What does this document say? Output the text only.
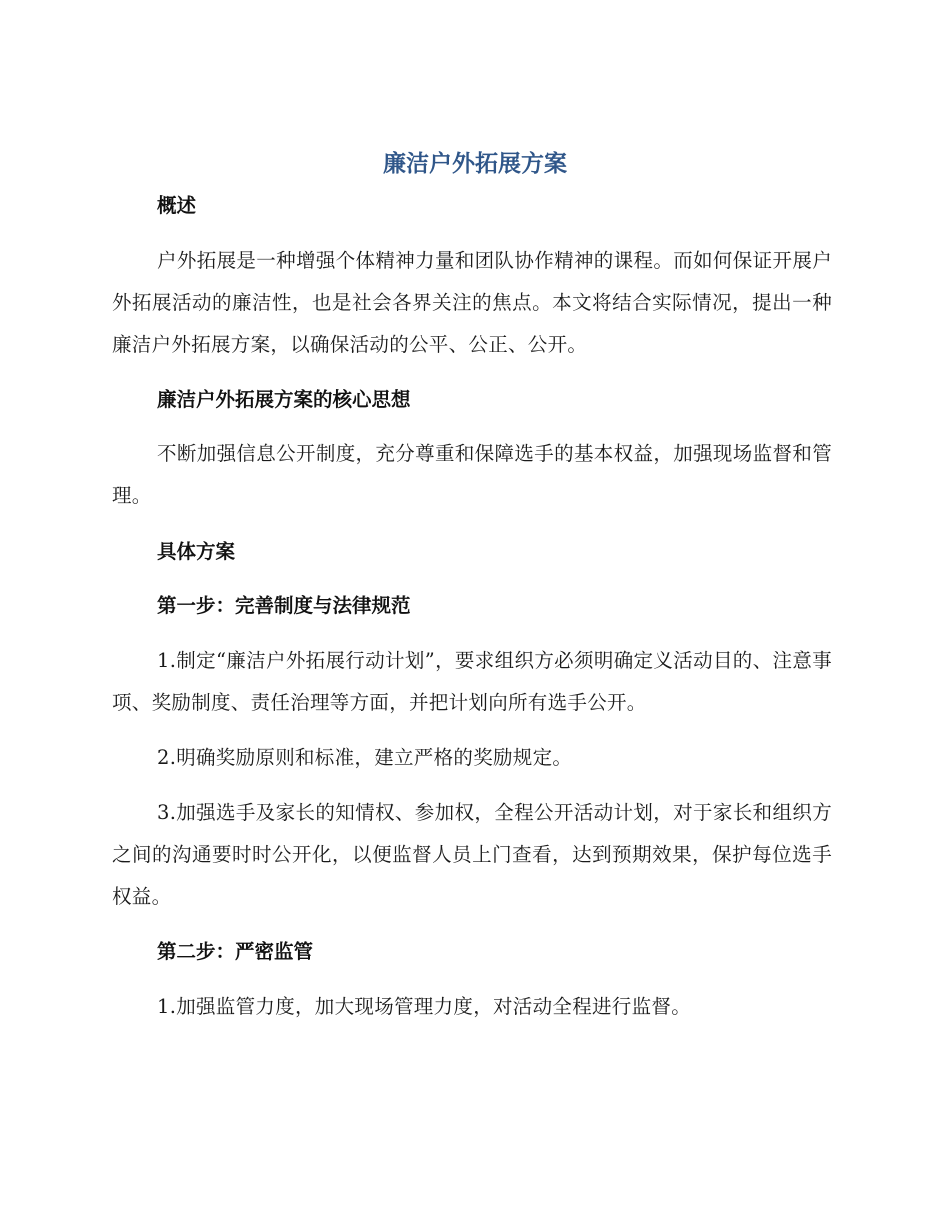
廉洁户外拓展方案
概述

户外拓展是一种增强个体精神力量和团队协作精神的课程。而如何保证开展户外拓展活动的廉洁性，也是社会各界关注的焦点。本文将结合实际情况，提出一种廉洁户外拓展方案，以确保活动的公平、公正、公开。

廉洁户外拓展方案的核心思想

不断加强信息公开制度，充分尊重和保障选手的基本权益，加强现场监督和管理。

具体方案
第一步：完善制度与法律规范

1.制定“廉洁户外拓展行动计划”，要求组织方必须明确定义活动目的、注意事项、奖励制度、责任治理等方面，并把计划向所有选手公开。

2.明确奖励原则和标准，建立严格的奖励规定。

3.加强选手及家长的知情权、参加权，全程公开活动计划，对于家长和组织方之间的沟通要时时公开化，以便监督人员上门查看，达到预期效果，保护每位选手权益。

第二步：严密监管

1.加强监管力度，加大现场管理力度，对活动全程进行监督。
